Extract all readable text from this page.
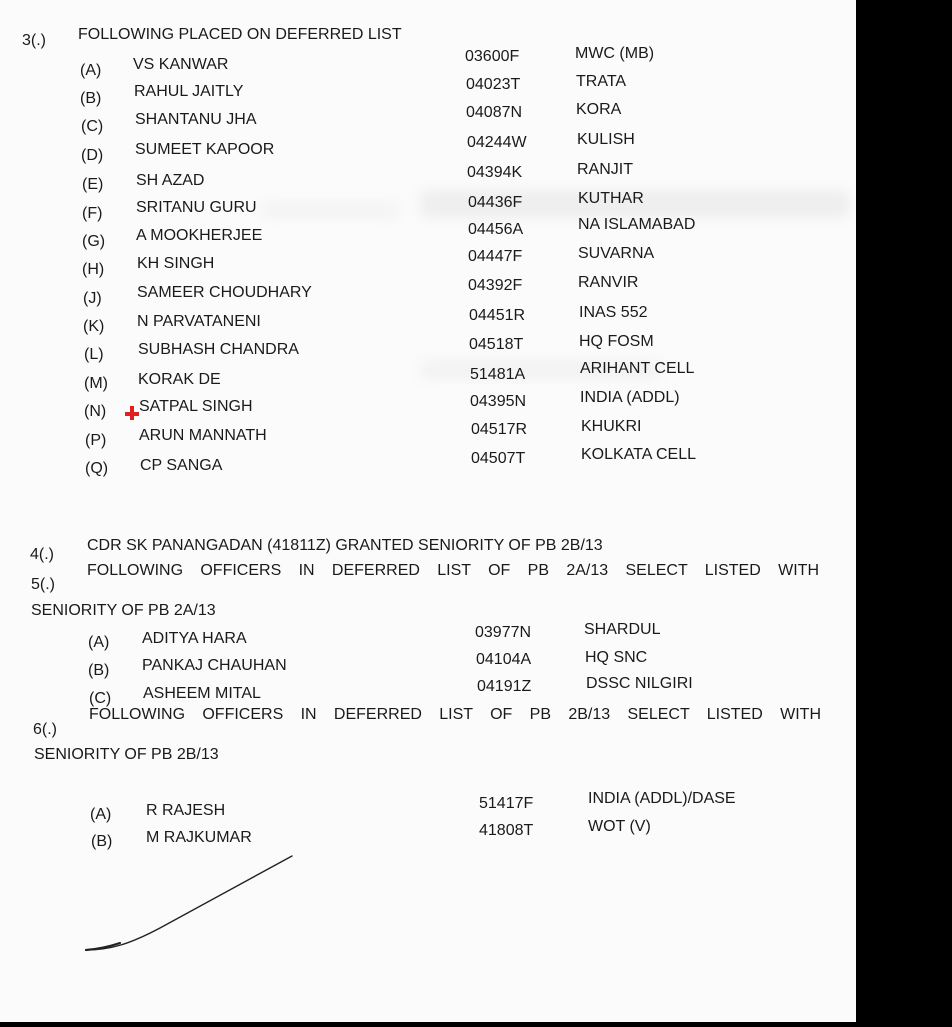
3(.) FOLLOWING PLACED ON DEFERRED LIST
(A) VS KANWAR	03600F	MWC (MB)
(B) RAHUL JAITLY	04023T	TRATA
(C) SHANTANU JHA	04087N	KORA
(D) SUMEET KAPOOR	04244W	KULISH
(E) SH AZAD	04394K	RANJIT
(F) SRITANU GURU	04436F	KUTHAR
(G) A MOOKHERJEE	04456A	NA ISLAMABAD
(H) KH SINGH	04447F	SUVARNA
(J) SAMEER CHOUDHARY	04392F	RANVIR
(K) N PARVATANENI	04451R	INAS 552
(L) SUBHASH CHANDRA	04518T	HQ FOSM
(M) KORAK DE	51481A	ARIHANT CELL
(N) SATPAL SINGH	04395N	INDIA (ADDL)
(P) ARUN MANNATH	04517R	KHUKRI
(Q) CP SANGA	04507T	KOLKATA CELL
4(.)
CDR SK PANANGADAN (41811Z) GRANTED SENIORITY OF PB 2B/13
5(.)
FOLLOWING OFFICERS IN DEFERRED LIST OF PB 2A/13 SELECT LISTED WITH
SENIORITY OF PB 2A/13
(A) ADITYA HARA	03977N	SHARDUL
(B) PANKAJ CHAUHAN	04104A	HQ SNC
(C) ASHEEM MITAL	04191Z	DSSC NILGIRI
6(.)
FOLLOWING OFFICERS IN DEFERRED LIST OF PB 2B/13 SELECT LISTED WITH
SENIORITY OF PB 2B/13
(A) R RAJESH	51417F	INDIA (ADDL)/DASE
(B) M RAJKUMAR	41808T	WOT (V)
